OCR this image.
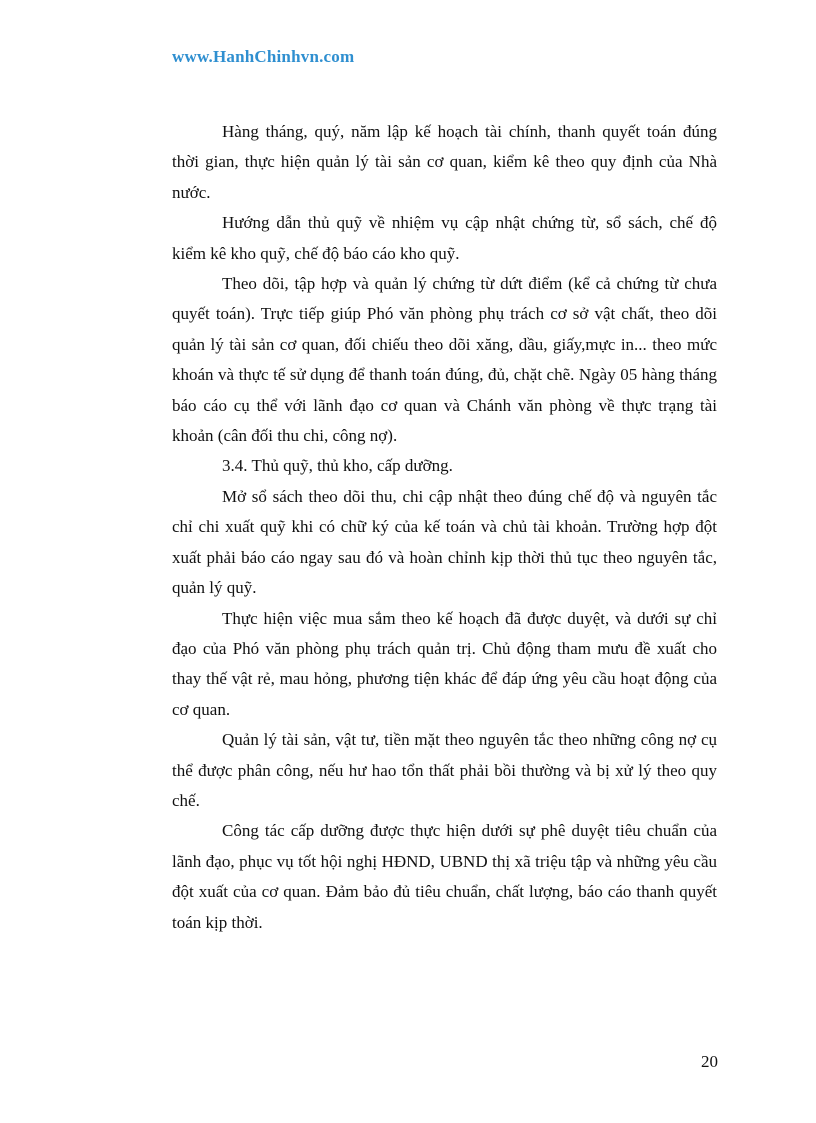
www.HanhChinhvn.com

Hàng tháng, quý, năm lập kế hoạch tài chính, thanh quyết toán đúng thời gian, thực hiện quản lý tài sản cơ quan, kiểm kê theo quy định của Nhà nước.

Hướng dẫn thủ quỹ về nhiệm vụ cập nhật chứng từ, sổ sách, chế độ kiểm kê kho quỹ, chế độ báo cáo kho quỹ.

Theo dõi, tập hợp và quản lý chứng từ dứt điểm (kể cả chứng từ chưa quyết toán). Trực tiếp giúp Phó văn phòng phụ trách cơ sở vật chất, theo dõi quản lý tài sản cơ quan, đối chiếu theo dõi xăng, dầu, giấy,mực in... theo mức khoán và thực tế sử dụng để thanh toán đúng, đủ, chặt chẽ. Ngày 05 hàng tháng báo cáo cụ thể với lãnh đạo cơ quan và Chánh văn phòng về thực trạng tài khoản (cân đối thu chi, công nợ).

3.4. Thủ quỹ, thủ kho, cấp dưỡng.

Mở sổ sách theo dõi thu, chi cập nhật theo đúng chế độ và nguyên tắc chỉ chi xuất quỹ khi có chữ ký của kế toán và chủ tài khoản. Trường hợp đột xuất phải báo cáo ngay sau đó và hoàn chỉnh kịp thời thủ tục theo nguyên tắc, quản lý quỹ.

Thực hiện việc mua sắm theo kế hoạch đã được duyệt, và dưới sự chỉ đạo của Phó văn phòng phụ trách quản trị. Chủ động tham mưu đề xuất cho thay thế vật rẻ, mau hỏng, phương tiện khác để đáp ứng yêu cầu hoạt động của cơ quan.

Quản lý tài sản, vật tư, tiền mặt theo nguyên tắc theo những công nợ cụ thể được phân công, nếu hư hao tổn thất phải bồi thường và bị xử lý theo quy chế.

Công tác cấp dưỡng được thực hiện dưới sự phê duyệt tiêu chuẩn của lãnh đạo, phục vụ tốt hội nghị HĐND, UBND thị xã triệu tập và những yêu cầu đột xuất của cơ quan. Đảm bảo đủ tiêu chuẩn, chất lượng, báo cáo thanh quyết toán kịp thời.

20
